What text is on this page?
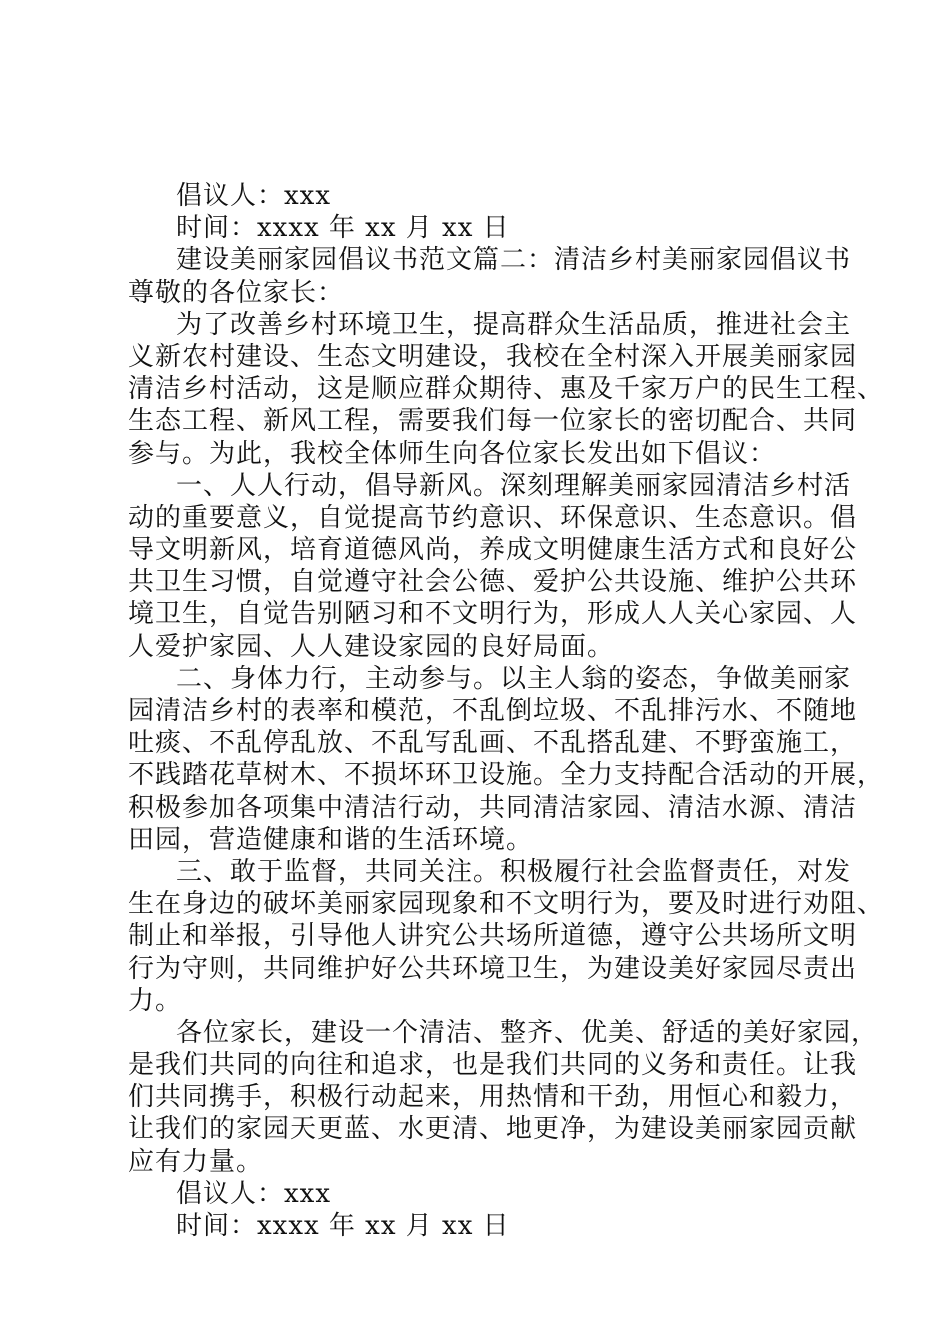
倡议人：xxx

时间：xxxx 年 xx 月 xx 日

建设美丽家园倡议书范文篇二：清洁乡村美丽家园倡议书

尊敬的各位家长：

为了改善乡村环境卫生，提高群众生活品质，推进社会主

义新农村建设、生态文明建设，我校在全村深入开展美丽家园

清洁乡村活动，这是顺应群众期待、惠及千家万户的民生工程、

生态工程、新风工程，需要我们每一位家长的密切配合、共同

参与。为此，我校全体师生向各位家长发出如下倡议：

一、人人行动，倡导新风。深刻理解美丽家园清洁乡村活

动的重要意义，自觉提高节约意识、环保意识、生态意识。倡

导文明新风，培育道德风尚，养成文明健康生活方式和良好公

共卫生习惯，自觉遵守社会公德、爱护公共设施、维护公共环

境卫生，自觉告别陋习和不文明行为，形成人人关心家园、人

人爱护家园、人人建设家园的良好局面。

二、身体力行，主动参与。以主人翁的姿态，争做美丽家

园清洁乡村的表率和模范，不乱倒垃圾、不乱排污水、不随地

吐痰、不乱停乱放、不乱写乱画、不乱搭乱建、不野蛮施工，

不践踏花草树木、不损坏环卫设施。全力支持配合活动的开展，

积极参加各项集中清洁行动，共同清洁家园、清洁水源、清洁

田园，营造健康和谐的生活环境。

三、敢于监督，共同关注。积极履行社会监督责任，对发

生在身边的破坏美丽家园现象和不文明行为，要及时进行劝阻、

制止和举报，引导他人讲究公共场所道德，遵守公共场所文明

行为守则，共同维护好公共环境卫生，为建设美好家园尽责出

力。

各位家长，建设一个清洁、整齐、优美、舒适的美好家园，

是我们共同的向往和追求，也是我们共同的义务和责任。让我

们共同携手，积极行动起来，用热情和干劲，用恒心和毅力，

让我们的家园天更蓝、水更清、地更净，为建设美丽家园贡献

应有力量。

倡议人：xxx

时间：xxxx 年 xx 月 xx 日
